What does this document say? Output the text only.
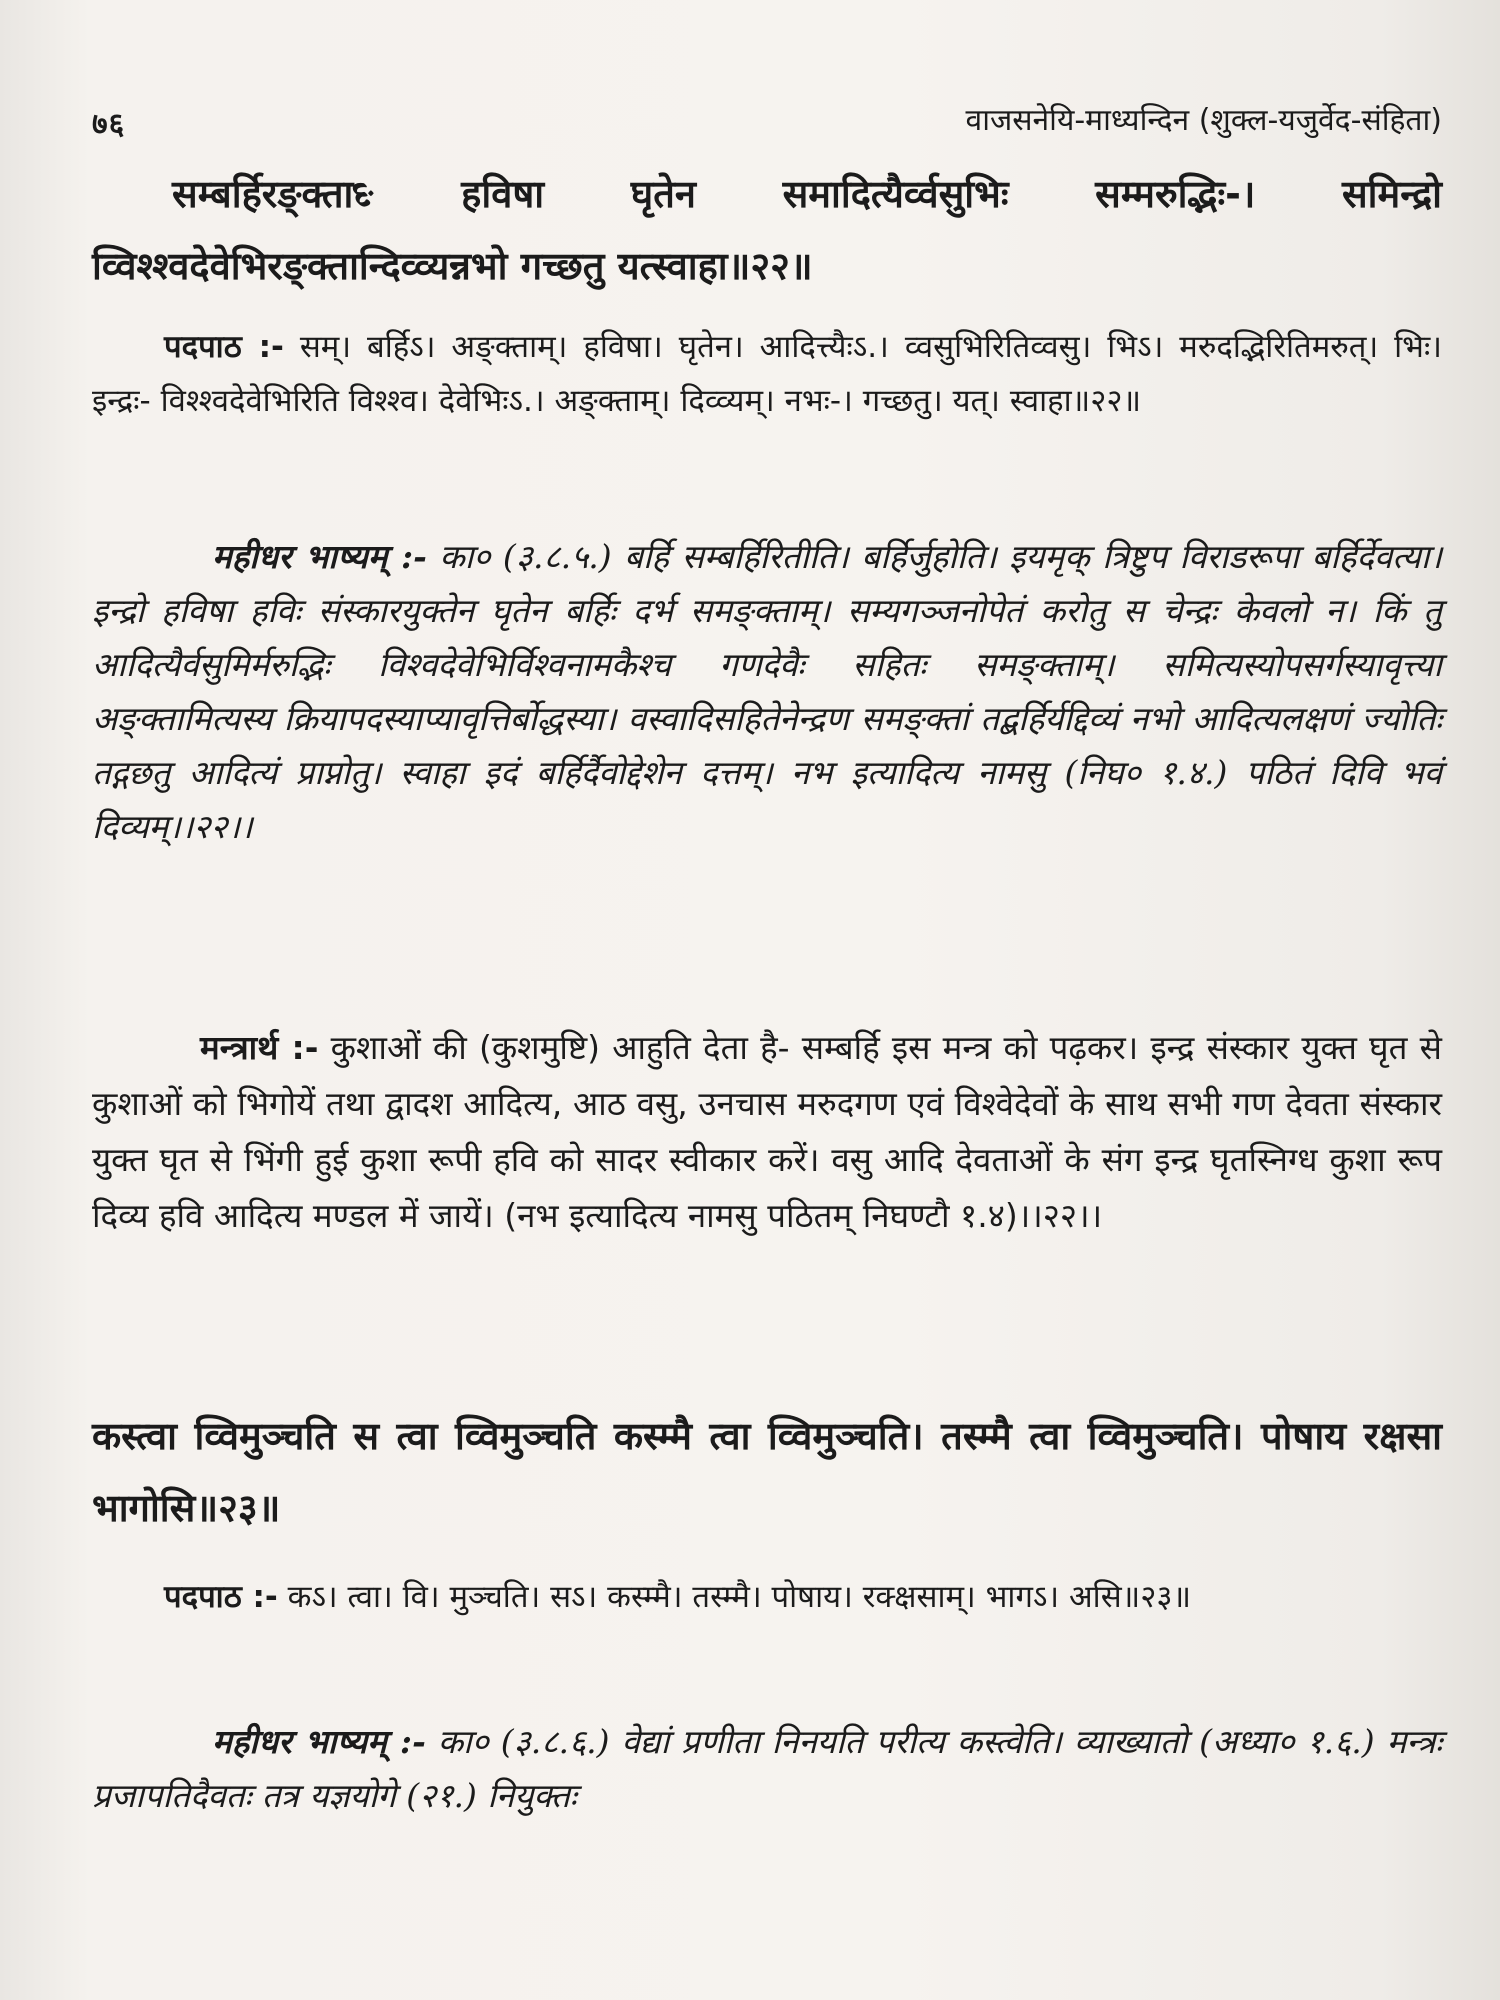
७६	वाजसनेयि-माध्यन्दिन (शुक्ल-यजुर्वेद-संहिता)

सम्बर्हिरङ्क्ताᳮ हविषा घृतेन समादित्यैर्व्वसुभिः सम्मरुद्भिः-। समिन्द्रो व्विश्श्वदेवेभिरङ्क्तान्दिव्व्यन्नभो गच्छतु यत्स्वाहा॥२२॥

पदपाठ :- सम्। बर्हिऽ। अङ्क्ताम्। हविषा। घृतेन। आदित्त्यैःऽ.। व्वसुभिरितिव्वसु। भिऽ। मरुदद्भिरितिमरुत्। भिः। इन्द्रः- विश्श्वदेवेभिरिति विश्श्व। देवेभिःऽ.। अङ्क्ताम्। दिव्व्यम्। नभः-। गच्छतु। यत्। स्वाहा॥२२॥

महीधर भाष्यम् :- का० (३.८.५.) बर्हि सम्बर्हिरितीति। बर्हिर्जुहोति। इयमृक् त्रिष्टुप विराडरूपा बर्हिर्देवत्या। इन्द्रो हविषा हविः संस्कारयुक्तेन घृतेन बर्हिः दर्भ समङ्क्ताम्। सम्यगञ्जनोपेतं करोतु स चेन्द्रः केवलो न। किं तु आदित्यैर्वसुमिर्मरुद्भिः विश्वदेवेभिर्विश्वनामकैश्च गणदेवैः सहितः समङ्क्ताम्। समित्यस्योपसर्गस्यावृत्त्या अङ्क्तामित्यस्य क्रियापदस्याप्यावृत्तिर्बोद्धस्या। वस्वादिसहितेनेन्द्रण समङ्क्तां तद्बर्हिर्यद्दिव्यं नभो आदित्यलक्षणं ज्योतिः तद्गछतु आदित्यं प्राप्नोतु। स्वाहा इदं बर्हिर्दैवोद्देशेन दत्तम्। नभ इत्यादित्य नामसु (निघ० १.४.) पठितं दिवि भवं दिव्यम्।।२२।।

मन्त्रार्थ :- कुशाओं की (कुशमुष्टि) आहुति देता है- सम्बर्हि इस मन्त्र को पढ़कर। इन्द्र संस्कार युक्त घृत से कुशाओं को भिगोयें तथा द्वादश आदित्य, आठ वसु, उनचास मरुदगण एवं विश्वेदेवों के साथ सभी गण देवता संस्कार युक्त घृत से भिंगी हुई कुशा रूपी हवि को सादर स्वीकार करें। वसु आदि देवताओं के संग इन्द्र घृतस्निग्ध कुशा रूप दिव्य हवि आदित्य मण्डल में जायें। (नभ इत्यादित्य नामसु पठितम् निघण्टौ १.४)।।२२।।

कस्त्वा व्विमुञ्चति स त्वा व्विमुञ्चति कस्म्मै त्वा व्विमुञ्चति। तस्म्मै त्वा व्विमुञ्चति। पोषाय रक्षसा भागोसि॥२३॥

पदपाठ :- कऽ। त्वा। वि। मुञ्चति। सऽ। कस्म्मै। तस्म्मै। पोषाय। रक्क्षसाम्। भागऽ। असि॥२३॥

महीधर भाष्यम् :- का० (३.८.६.) वेद्यां प्रणीता निनयति परीत्य कस्त्वेति। व्याख्यातो (अध्या० १.६.) मन्त्रः प्रजापतिदैवतः तत्र यज्ञयोगे (२१.) नियुक्तः
